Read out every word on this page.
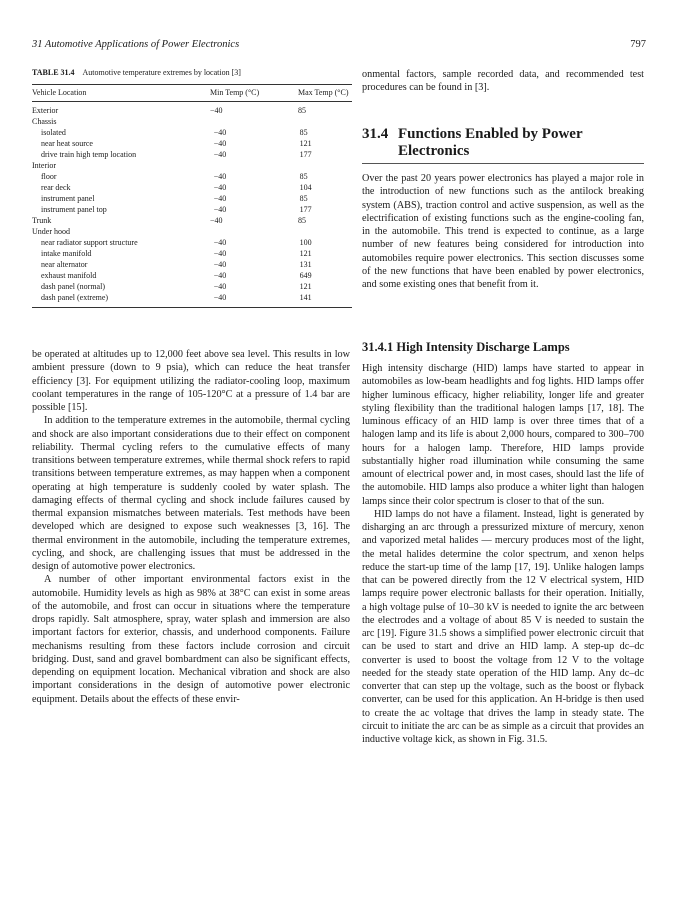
31 Automotive Applications of Power Electronics	797
TABLE 31.4 Automotive temperature extremes by location [3]
Vehicle Location	Min Temp (°C)	Max Temp (°C)
Exterior	−40	85
Chassis
isolated	−40	85
near heat source	−40	121
drive train high temp location	−40	177
Interior
floor	−40	85
rear deck	−40	104
instrument panel	−40	85
instrument panel top	−40	177
Trunk	−40	85
Under hood
near radiator support structure	−40	100
intake manifold	−40	121
near alternator	−40	131
exhaust manifold	−40	649
dash panel (normal)	−40	121
dash panel (extreme)	−40	141

be operated at altitudes up to 12,000 feet above sea level. This results in low ambient pressure (down to 9 psia), which can reduce the heat transfer efficiency [3]. For equipment utilizing the radiator-cooling loop, maximum coolant temperatures in the range of 105-120°C at a pressure of 1.4 bar are possible [15].

In addition to the temperature extremes in the automobile, thermal cycling and shock are also important considerations due to their effect on component reliability. Thermal cycling refers to the cumulative effects of many transitions between temperature extremes, while thermal shock refers to rapid transitions between temperature extremes, as may happen when a component operating at high temperature is suddenly cooled by water splash. The damaging effects of thermal cycling and shock include failures caused by thermal expansion mismatches between materials. Test methods have been developed which are designed to expose such weaknesses [3, 16]. The thermal environment in the automobile, including the temperature extremes, cycling, and shock, are challenging issues that must be addressed in the design of automotive power electronics.

A number of other important environmental factors exist in the automobile. Humidity levels as high as 98% at 38°C can exist in some areas of the automobile, and frost can occur in situations where the temperature drops rapidly. Salt atmosphere, spray, water splash and immersion are also important factors for exterior, chassis, and underhood components. Failure mechanisms resulting from these factors include corrosion and circuit bridging. Dust, sand and gravel bombardment can also be significant effects, depending on equipment location. Mechanical vibration and shock are also important considerations in the design of automotive power electronic equipment. Details about the effects of these envir-

onmental factors, sample recorded data, and recommended test procedures can be found in [3].

31.4 Functions Enabled by Power
Electronics

Over the past 20 years power electronics has played a major role in the introduction of new functions such as the antilock breaking system (ABS), traction control and active suspension, as well as the electrification of existing functions such as the engine-cooling fan, in the automobile. This trend is expected to continue, as a large number of new features being considered for introduction into automobiles require power electronics. This section discusses some of the new functions that have been enabled by power electronics, and some existing ones that benefit from it.

31.4.1 High Intensity Discharge Lamps

High intensity discharge (HID) lamps have started to appear in automobiles as low-beam headlights and fog lights. HID lamps offer higher luminous efficacy, higher reliability, longer life and greater styling flexibility than the traditional halogen lamps [17, 18]. The luminous efficacy of an HID lamp is over three times that of a halogen lamp and its life is about 2,000 hours, compared to 300–700 hours for a halogen lamp. Therefore, HID lamps provide substantially higher road illumination while consuming the same amount of electrical power and, in most cases, should last the life of the automobile. HID lamps also produce a whiter light than halogen lamps since their color spectrum is closer to that of the sun.

HID lamps do not have a filament. Instead, light is generated by disharging an arc through a pressurized mixture of mercury, xenon and vaporized metal halides — mercury produces most of the light, the metal halides determine the color spectrum, and xenon helps reduce the start-up time of the lamp [17, 19]. Unlike halogen lamps that can be powered directly from the 12 V electrical system, HID lamps require power electronic ballasts for their operation. Initially, a high voltage pulse of 10–30 kV is needed to ignite the arc between the electrodes and a voltage of about 85 V is needed to sustain the arc [19]. Figure 31.5 shows a simplified power electronic circuit that can be used to start and drive an HID lamp. A step-up dc–dc converter is used to boost the voltage from 12 V to the voltage needed for the steady state operation of the HID lamp. Any dc–dc converter that can step up the voltage, such as the boost or flyback converter, can be used for this application. An H-bridge is then used to create the ac voltage that drives the lamp in steady state. The circuit to initiate the arc can be as simple as a circuit that provides an inductive voltage kick, as shown in Fig. 31.5.
